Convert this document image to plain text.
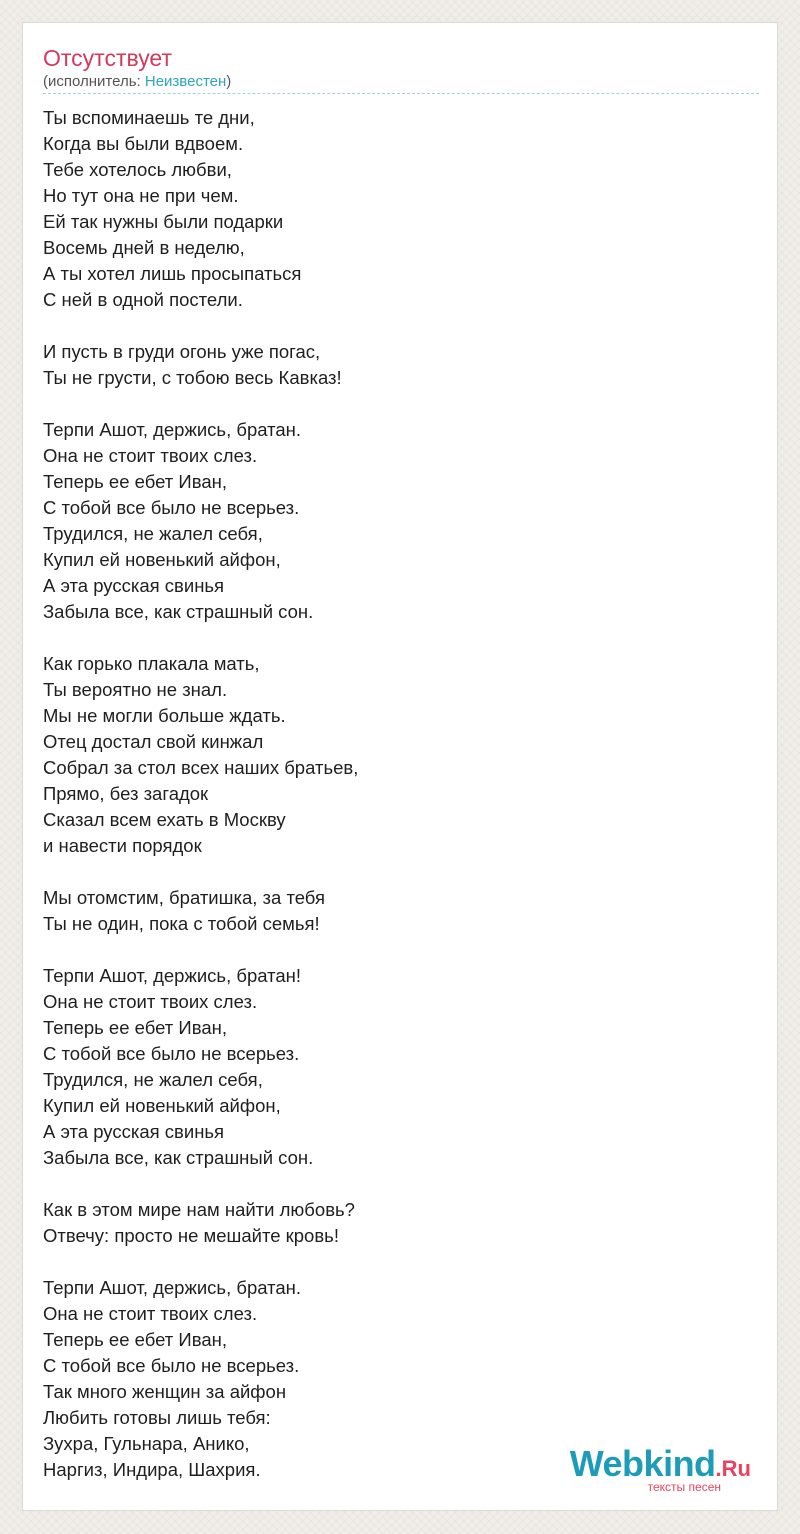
Отсутствует
(исполнитель: Неизвестен)
Ты вспоминаешь те дни,
Когда вы были вдвоем.
Тебе хотелось любви,
Но тут она не при чем.
Ей так нужны были подарки
Восемь дней в неделю,
А ты хотел лишь просыпаться
С ней в одной постели.
И пусть в груди огонь уже погас,
Ты не грусти, с тобою весь Кавказ!
Терпи Ашот, держись, братан.
Она не стоит твоих слез.
Теперь ее ебет Иван,
С тобой все было не всерьез.
Трудился, не жалел себя,
Купил ей новенький айфон,
А эта русская свинья
Забыла все, как страшный сон.
Как горько плакала мать,
Ты вероятно не знал.
Мы не могли больше ждать.
Отец достал свой кинжал
Собрал за стол всех наших братьев,
Прямо, без загадок
Сказал всем ехать в Москву
и навести порядок
Мы отомстим, братишка, за тебя
Ты не один, пока с тобой семья!
Терпи Ашот, держись, братан!
Она не стоит твоих слез.
Теперь ее ебет Иван,
С тобой все было не всерьез.
Трудился, не жалел себя,
Купил ей новенький айфон,
А эта русская свинья
Забыла все, как страшный сон.
Как в этом мире нам найти любовь?
Отвечу: просто не мешайте кровь!
Терпи Ашот, держись, братан.
Она не стоит твоих слез.
Теперь ее ебет Иван,
С тобой все было не всерьез.
Так много женщин за айфон
Любить готовы лишь тебя:
Зухра, Гульнара, Анико,
Наргиз, Индира, Шахрия.	Webkind.Ru
тексты песен
